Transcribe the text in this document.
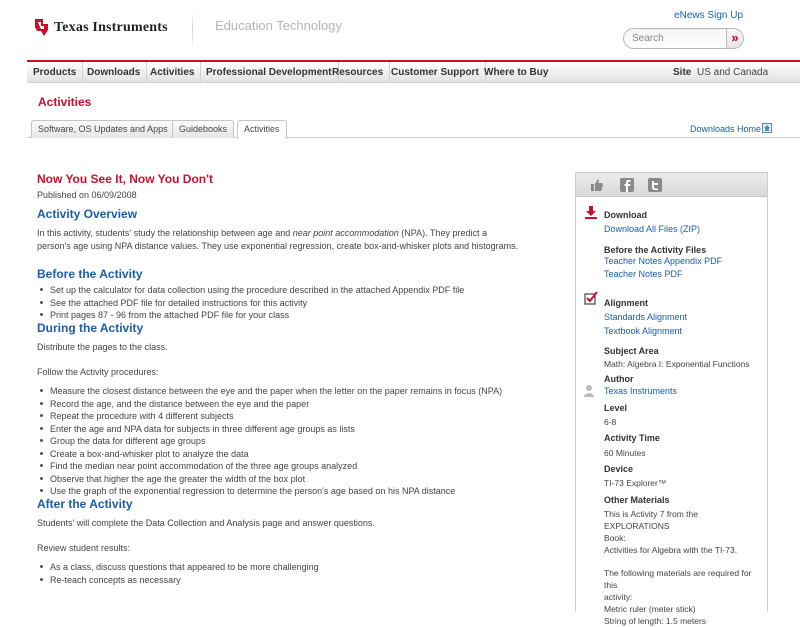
Texas Instruments	Education Technology
eNews Sign Up
Search	»
Products	Downloads Activities	Professional Development Resources Customer Support Where to Buy	Site US and Canada
Activities
Software, OS Updates and Apps	Guidebooks	Activities	Downloads Home
Now You See It, Now You Don't
Published on 06/09/2008
Activity Overview
In this activity, students' study the relationship between age and near point accommodation (NPA). They predict a
person's age using NPA distance values. They use exponential regression, create box-and-whisker plots and histograms.
Before the Activity
Set up the calculator for data collection using the procedure described in the attached Appendix PDF file
See the attached PDF file for detailed instructions for this activity
Print pages 87 - 96 from the attached PDF file for your class
During the Activity
Distribute the pages to the class.
Follow the Activity procedures:
Measure the closest distance between the eye and the paper when the letter on the paper remains in focus (NPA)
Record the age, and the distance between the eye and the paper
Repeat the procedure with 4 different subjects
Enter the age and NPA data for subjects in three different age groups as lists
Group the data for different age groups
Create a box-and-whisker plot to analyze the data
Find the median near point accommodation of the three age groups analyzed
Observe that higher the age the greater the width of the box plot
Use the graph of the exponential regression to determine the person's age based on his NPA distance
After the Activity
Students' will complete the Data Collection and Analysis page and answer questions.
Review student results:
As a class, discuss questions that appeared to be more challenging
Re-teach concepts as necessary
Download
Download All Files (ZIP)
Before the Activity Files
Teacher Notes Appendix PDF
Teacher Notes PDF
Alignment
Standards Alignment
Textbook Alignment
Subject Area
Math: Algebra I: Exponential Functions
Author
Texas Instruments
Level
6-8
Activity Time
60 Minutes
Device
TI-73 Explorer™
Other Materials
This is Activity 7 from the EXPLORATIONS
Book:
Activities for Algebra with the TI-73.
The following materials are required for this
activity:
Metric ruler (meter stick)
String of length: 1.5 meters
